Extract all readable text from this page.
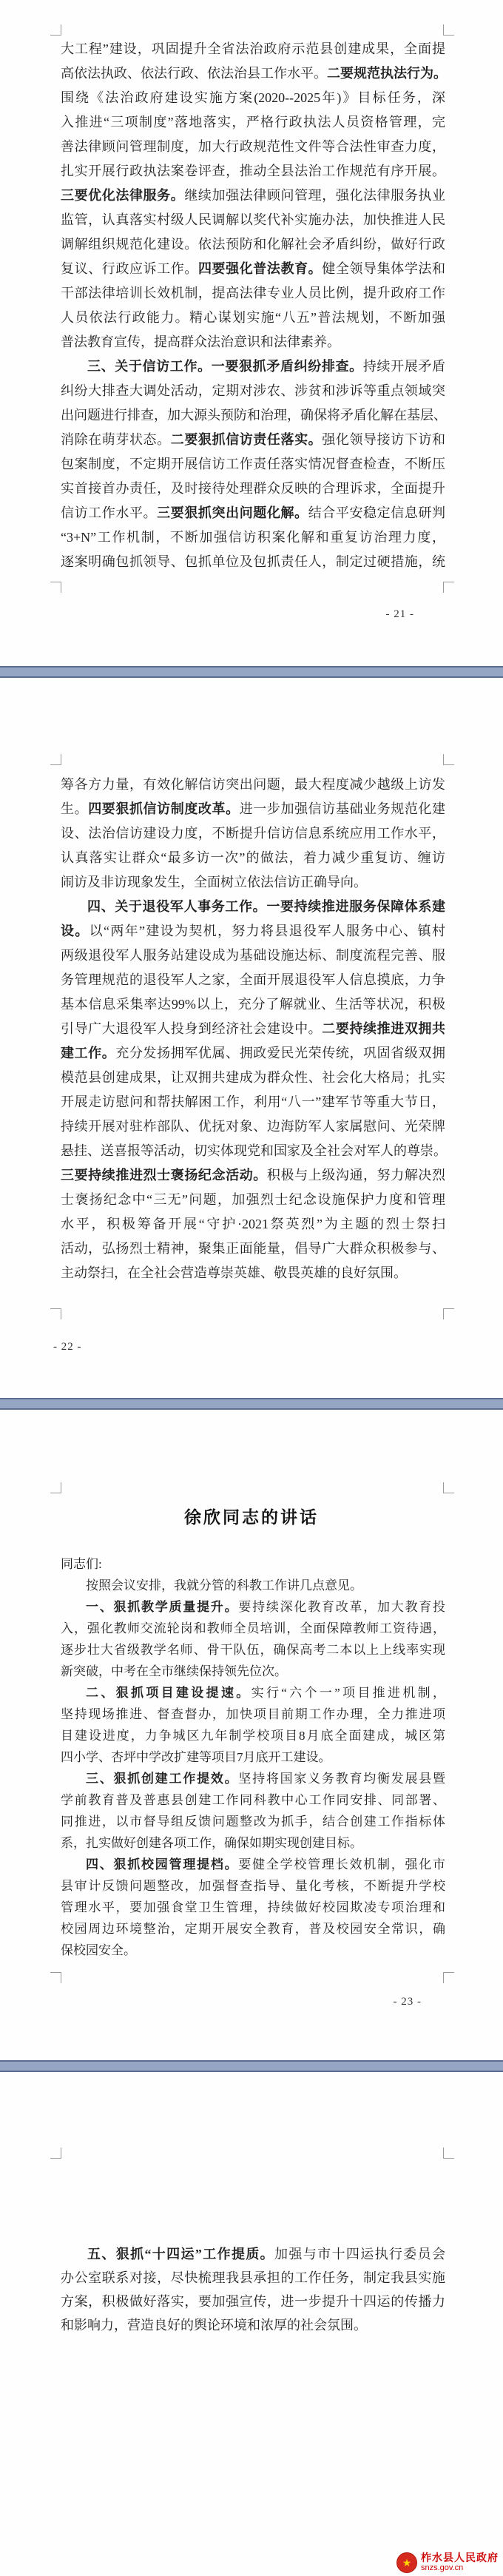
大工程”建设，巩固提升全省法治政府示范县创建成果，全面提
高依法执政、依法行政、依法治县工作水平。二要规范执法行为。
围绕《法治政府建设实施方案(2020--2025年)》目标任务，深
入推进“三项制度”落地落实，严格行政执法人员资格管理，完
善法律顾问管理制度，加大行政规范性文件等合法性审查力度，
扎实开展行政执法案卷评查，推动全县法治工作规范有序开展。
三要优化法律服务。继续加强法律顾问管理，强化法律服务执业
监管，认真落实村级人民调解以奖代补实施办法，加快推进人民
调解组织规范化建设。依法预防和化解社会矛盾纠纷，做好行政
复议、行政应诉工作。四要强化普法教育。健全领导集体学法和
干部法律培训长效机制，提高法律专业人员比例，提升政府工作
人员依法行政能力。精心谋划实施“八五”普法规划，不断加强
普法教育宣传，提高群众法治意识和法律素养。
三、关于信访工作。一要狠抓矛盾纠纷排查。持续开展矛盾
纠纷大排查大调处活动，定期对涉农、涉贫和涉诉等重点领域突
出问题进行排查，加大源头预防和治理，确保将矛盾化解在基层、
消除在萌芽状态。二要狠抓信访责任落实。强化领导接访下访和
包案制度，不定期开展信访工作责任落实情况督查检查，不断压
实首接首办责任，及时接待处理群众反映的合理诉求，全面提升
信访工作水平。三要狠抓突出问题化解。结合平安稳定信息研判
“3+N”工作机制，不断加强信访积案化解和重复访治理力度，
逐案明确包抓领导、包抓单位及包抓责任人，制定过硬措施，统
- 21 -
筹各方力量，有效化解信访突出问题，最大程度减少越级上访发
生。四要狠抓信访制度改革。进一步加强信访基础业务规范化建
设、法治信访建设力度，不断提升信访信息系统应用工作水平，
认真落实让群众“最多访一次”的做法，着力减少重复访、缠访
闹访及非访现象发生，全面树立依法信访正确导向。
四、关于退役军人事务工作。一要持续推进服务保障体系建
设。以“两年”建设为契机，努力将县退役军人服务中心、镇村
两级退役军人服务站建设成为基础设施达标、制度流程完善、服
务管理规范的退役军人之家，全面开展退役军人信息摸底，力争
基本信息采集率达99%以上，充分了解就业、生活等状况，积极
引导广大退役军人投身到经济社会建设中。二要持续推进双拥共
建工作。充分发扬拥军优属、拥政爱民光荣传统，巩固省级双拥
模范县创建成果，让双拥共建成为群众性、社会化大格局；扎实
开展走访慰问和帮扶解困工作，利用“八一”建军节等重大节日，
持续开展对驻柞部队、优抚对象、边海防军人家属慰问、光荣牌
悬挂、送喜报等活动，切实体现党和国家及全社会对军人的尊崇。
三要持续推进烈士褒扬纪念活动。积极与上级沟通，努力解决烈
士褒扬纪念中“三无”问题，加强烈士纪念设施保护力度和管理
水平，积极筹备开展“守护·2021祭英烈”为主题的烈士祭扫
活动，弘扬烈士精神，聚集正面能量，倡导广大群众积极参与、
主动祭扫，在全社会营造尊崇英雄、敬畏英雄的良好氛围。
- 22 -
徐欣同志的讲话
同志们:
按照会议安排，我就分管的科教工作讲几点意见。
一、狠抓教学质量提升。要持续深化教育改革，加大教育投
入，强化教师交流轮岗和教师全员培训，全面保障教师工资待遇，
逐步壮大省级教学名师、骨干队伍，确保高考二本以上上线率实现
新突破，中考在全市继续保持领先位次。
二、狠抓项目建设提速。实行“六个一”项目推进机制，
坚持现场推进、督查督办，加快项目前期工作办理，全力推进项
目建设进度，力争城区九年制学校项目8月底全面建成，城区第
四小学、杏坪中学改扩建等项目7月底开工建设。
三、狠抓创建工作提效。坚持将国家义务教育均衡发展县暨
学前教育普及普惠县创建工作同科教中心工作同安排、同部署、
同推进，以市督导组反馈问题整改为抓手，结合创建工作指标体
系，扎实做好创建各项工作，确保如期实现创建目标。
四、狠抓校园管理提档。要健全学校管理长效机制，强化市
县审计反馈问题整改，加强督查指导、量化考核，不断提升学校
管理水平，要加强食堂卫生管理，持续做好校园欺凌专项治理和
校园周边环境整治，定期开展安全教育，普及校园安全常识，确
保校园安全。
- 23 -
五、狠抓“十四运”工作提质。加强与市十四运执行委员会
办公室联系对接，尽快梳理我县承担的工作任务，制定我县实施
方案，积极做好落实，要加强宣传，进一步提升十四运的传播力
和影响力，营造良好的舆论环境和浓厚的社会氛围。
★ 柞水县人民政府
snzs.gov.cn
